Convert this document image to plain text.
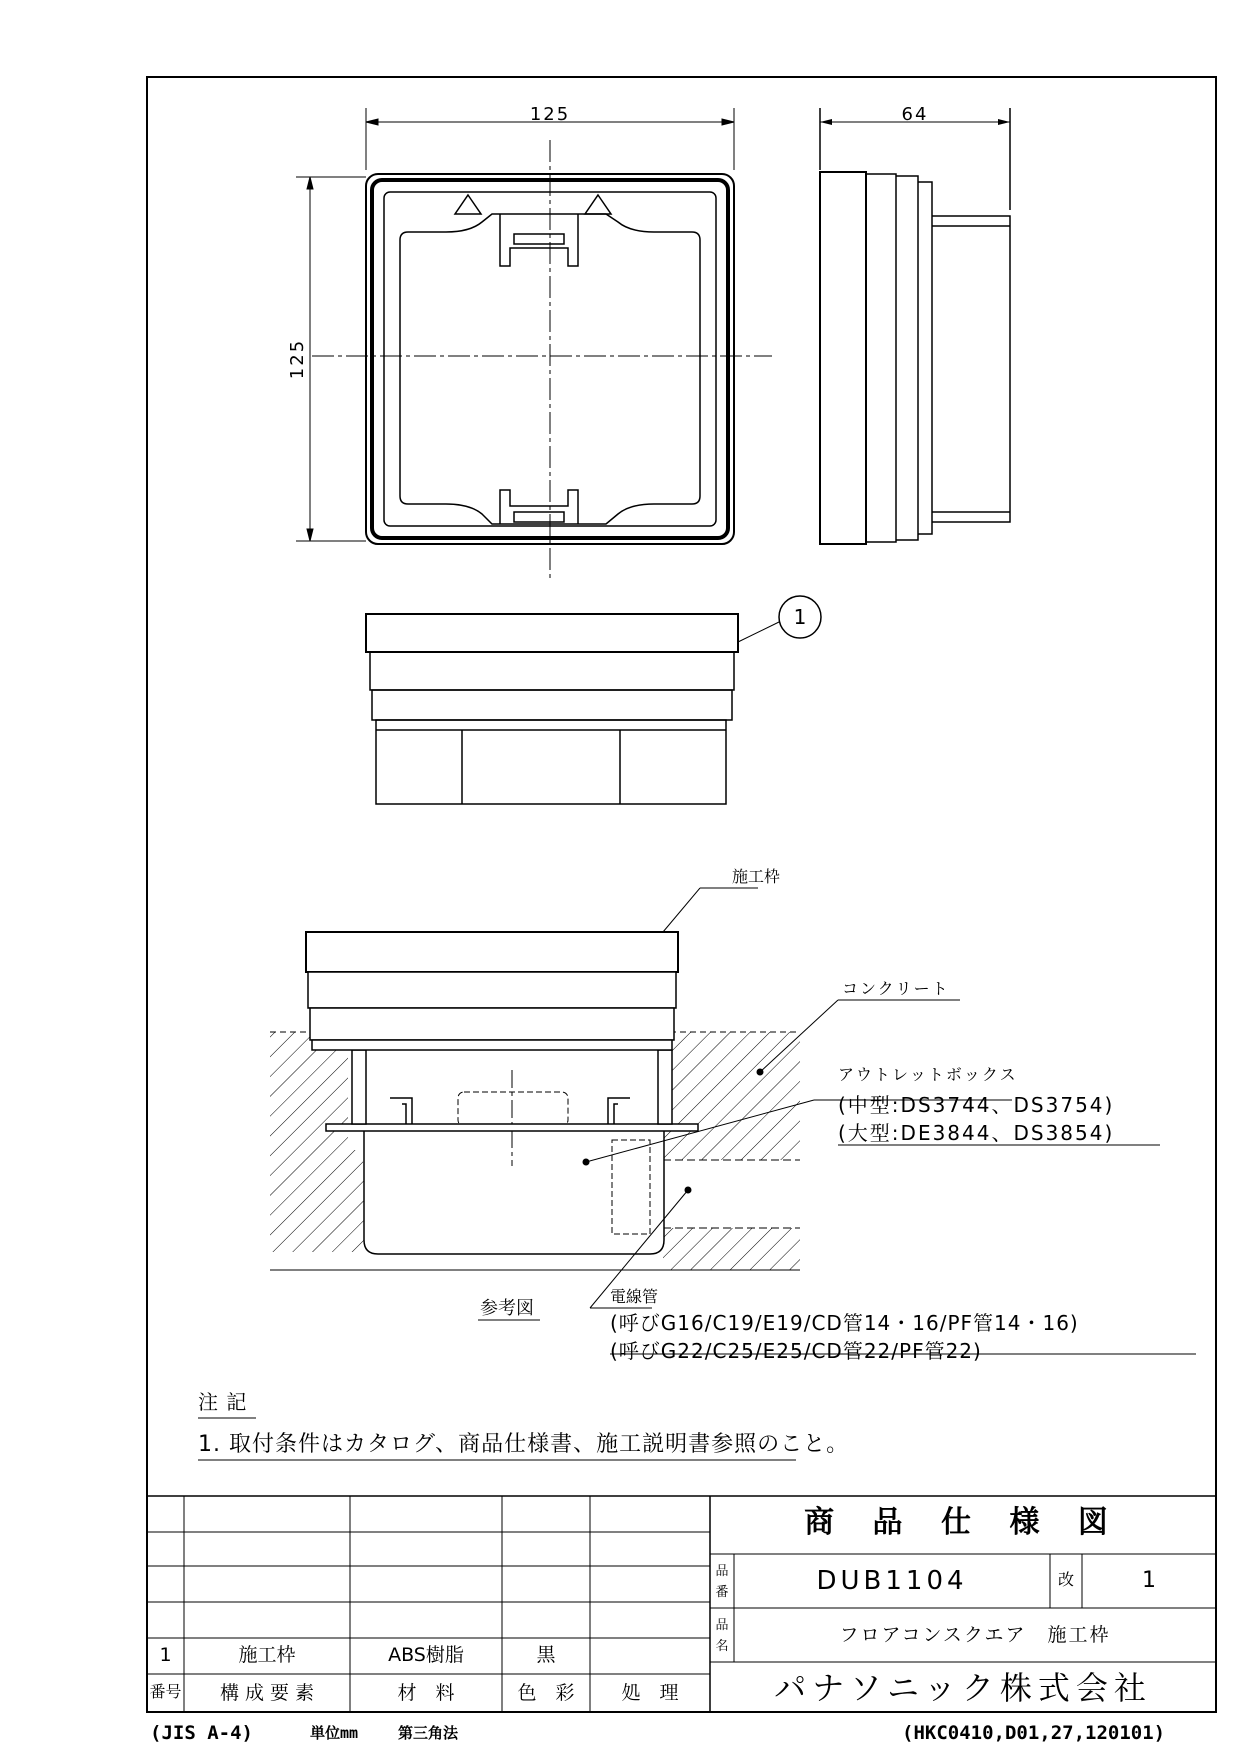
125
125
64
1
施工枠
コンクリート
アウトレットボックス
(中型:DS3744、DS3754)
(大型:DE3844、DS3854)
参考図
電線管
(呼びG16/C19/E19/CD管14・16/PF管14・16)
(呼びG22/C25/E25/CD管22/PF管22)
注 記
1. 取付条件はカタログ、商品仕様書、施工説明書参照のこと。
1	施工枠	ABS樹脂	黒
番号	構 成 要 素	材　料	色　彩	処　理
商 品 仕 様 図
品番	DUB1104	改	1
品名
フロアコンスクエア　施工枠
パナソニック株式会社
(JIS A-4)	単位mm	第三角法	(HKC0410,D01,27,120101)
